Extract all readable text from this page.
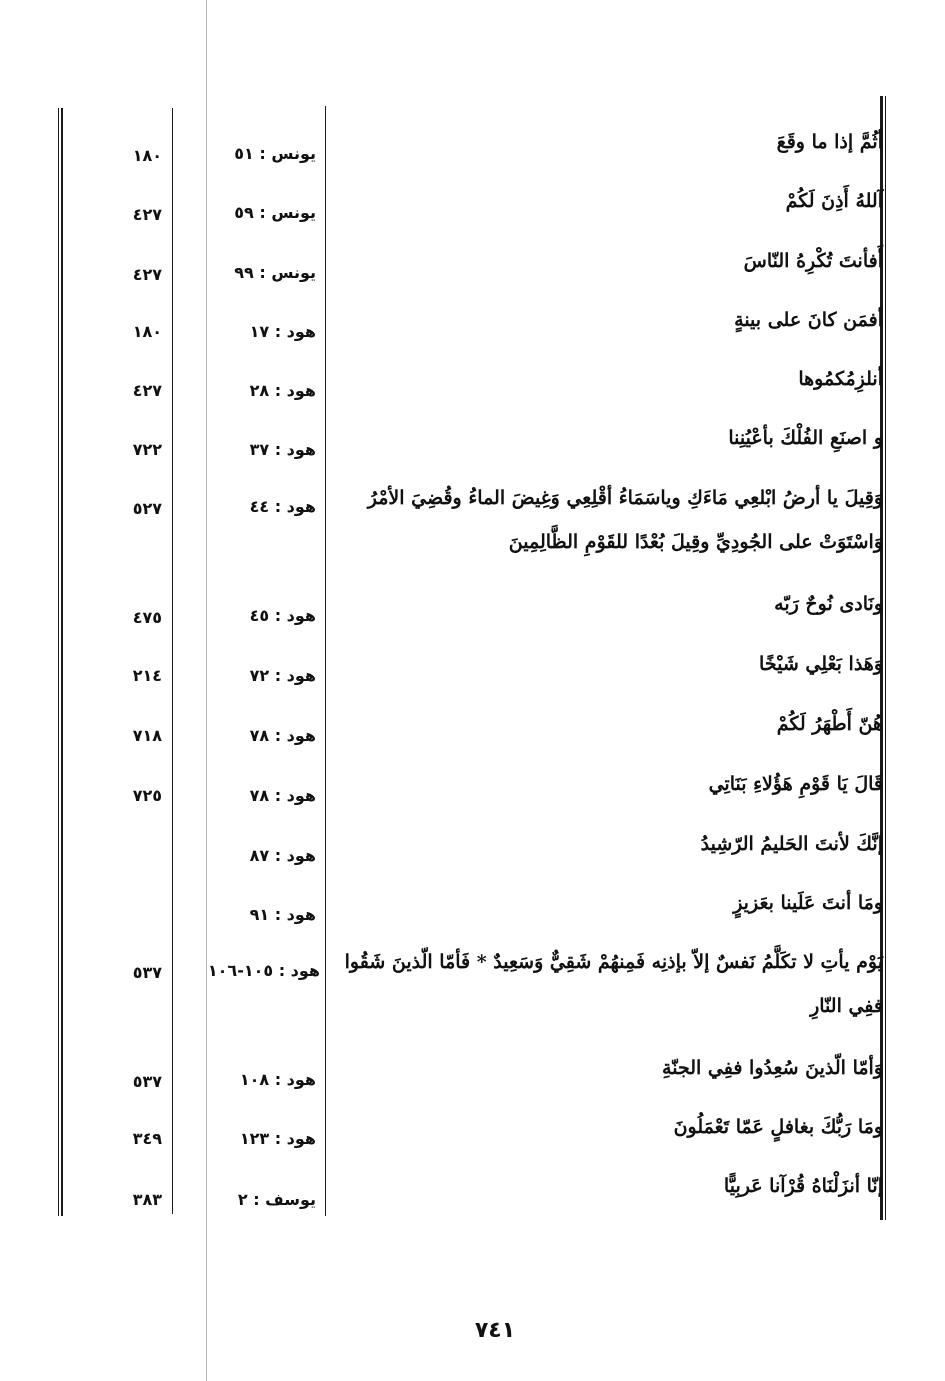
أثُمَّ إذا ما وقَعَ
يونس : ٥١
١٨٠
آللهُ أَذِنَ لَكُمْ
يونس : ٥٩
٤٢٧
أَفأنتَ تُكْرِهُ النّاسَ
يونس : ٩٩
٤٢٧
أفمَن كانَ على بينةٍ
هود : ١٧
١٨٠
أنلزِمُكمُوها
هود : ٢٨
٤٢٧
و اصنَعِ الفُلْكَ بأعْيُنِنا
هود : ٣٧
٧٢٢
وَقِيلَ يا أرضُ ابْلعِي مَاءَكِ وياسَمَاءُ أقْلِعِي وَغِيضَ الماءُ وقُضِيَ الأمْرُ وَاسْتَوَتْ على الجُودِيِّ وقِيلَ بُعْدًا للقَوْمِ الظَّالِمِينَ
هود : ٤٤
٥٢٧
ونَادى نُوحٌ رَبّه
هود : ٤٥
٤٧٥
وَهَذا بَعْلِي شَيْخًا
هود : ٧٢
٢١٤
هُنّ أَطْهَرُ لَكُمْ
هود : ٧٨
٧١٨
قَالَ يَا قَوْمِ هَؤُلاءِ بَنَاتِي
هود : ٧٨
٧٢٥
إنَّكَ لأنتَ الحَليمُ الرّشِيدُ
هود : ٨٧
ومَا أنتَ عَلَينا بعَزيزٍ
هود : ٩١
يَوْم يأتِ لا تكَلَّمُ نَفسٌ إلاّ بإذنِه فَمِنهُمْ شَقِيٌّ وَسَعِيدٌ * فَأمّا الّذينَ شَقُوا ففِي النّارِ
هود : ١٠٥-١٠٦
٥٣٧
وَأمّا الّذينَ سُعِدُوا ففِي الجنّةِ
هود : ١٠٨
٥٣٧
ومَا رَبُّكَ بغافلٍ عَمّا تَعْمَلُونَ
هود : ١٢٣
٣٤٩
إنّا أنزَلْنَاهُ قُرْآنا عَربِيًّا
يوسف : ٢
٣٨٣
٧٤١
